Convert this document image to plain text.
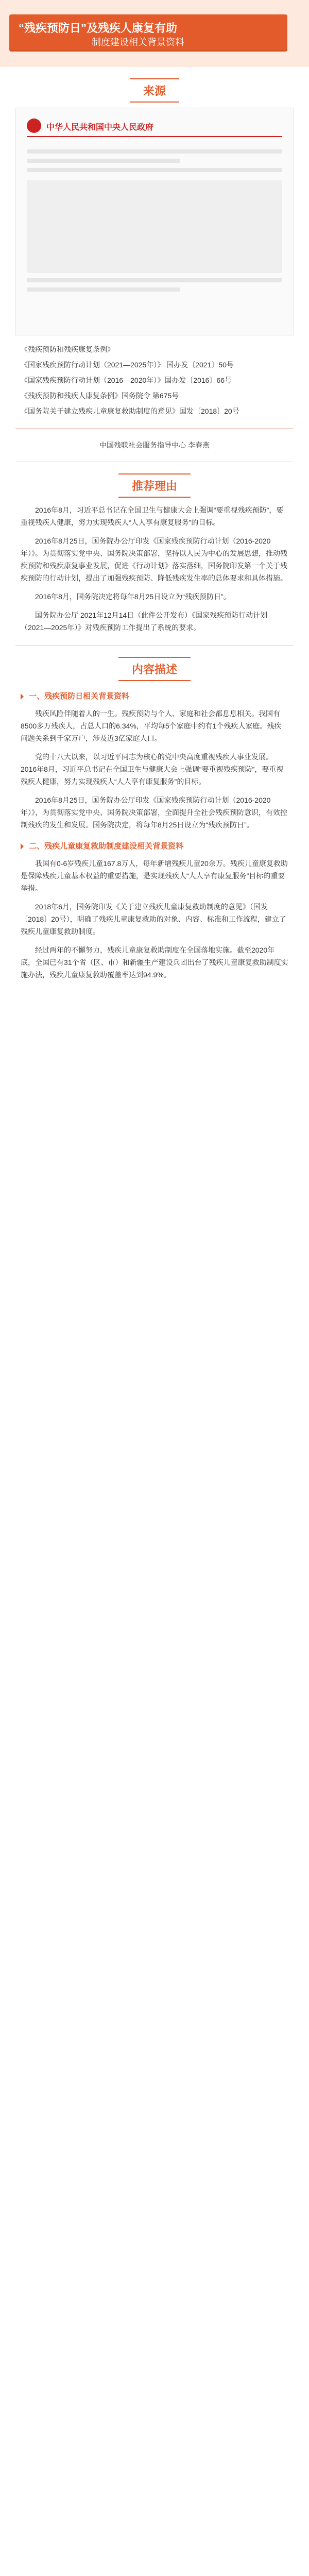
“残疾预防日”及残疾人康复有助
制度建设相关背景资料
来源
中华人民共和国中央人民政府
《残疾预防和残疾康复条例》
《国家残疾预防行动计划（2021—2025年）》 国办发〔2021〕50号
《国家残疾预防行动计划（2016—2020年）》国办发〔2016〕66号
《残疾预防和残疾人康复条例》国务院令 第675号
《国务院关于建立残疾儿童康复救助制度的意见》国发〔2018〕20号
中国残联社会服务指导中心 李春燕
推荐理由
2016年8月，习近平总书记在全国卫生与健康大会上强调“要重视残疾预防”，要重视残疾人健康，努力实现残疾人“人人享有康复服务”的目标。
2016年8月25日，国务院办公厅印发《国家残疾预防行动计划（2016-2020年）》。为贯彻落实党中央、国务院决策部署，坚持以人民为中心的发展思想，推动残疾预防和残疾康复事业发展，促进《行动计划》落实落细，国务院印发第一个关于残疾预防的行动计划，提出了加强残疾预防、降低残疾发生率的总体要求和具体措施。
2016年8月，国务院决定将每年8月25日设立为“残疾预防日”。
国务院办公厅 2021年12月14日（此件公开发布）《国家残疾预防行动计划（2021—2025年）》对残疾预防工作提出了系统的要求。
内容描述
一、残疾预防日相关背景资料
残疾风险伴随着人的一生。残疾预防与个人、家庭和社会都息息相关。我国有8500多万残疾人，占总人口的6.34%，平均每5个家庭中约有1个残疾人家庭。残疾问题关系到千家万户，涉及近3亿家庭人口。
党的十八大以来，以习近平同志为核心的党中央高度重视残疾人事业发展。2016年8月，习近平总书记在全国卫生与健康大会上强调“要重视残疾预防”，要重视残疾人健康，努力实现残疾人“人人享有康复服务”的目标。
2016年8月25日，国务院办公厅印发《国家残疾预防行动计划（2016-2020年）》，为贯彻落实党中央、国务院决策部署，全面提升全社会残疾预防意识，有效控制残疾的发生和发展。国务院决定，将每年8月25日设立为“残疾预防日”。
二、残疾儿童康复救助制度建设相关背景资料
我国有0-6岁残疾儿童167.8万人，每年新增残疾儿童20余万。残疾儿童康复救助是保障残疾儿童基本权益的重要措施，是实现残疾人“人人享有康复服务”目标的重要举措。
2018年6月，国务院印发《关于建立残疾儿童康复救助制度的意见》（国发〔2018〕20号），明确了残疾儿童康复救助的对象、内容、标准和工作流程，建立了残疾儿童康复救助制度。
经过两年的不懈努力，残疾儿童康复救助制度在全国落地实施。截至2020年底，全国已有31个省（区、市）和新疆生产建设兵团出台了残疾儿童康复救助制度实施办法，残疾儿童康复救助覆盖率达到94.9%。
